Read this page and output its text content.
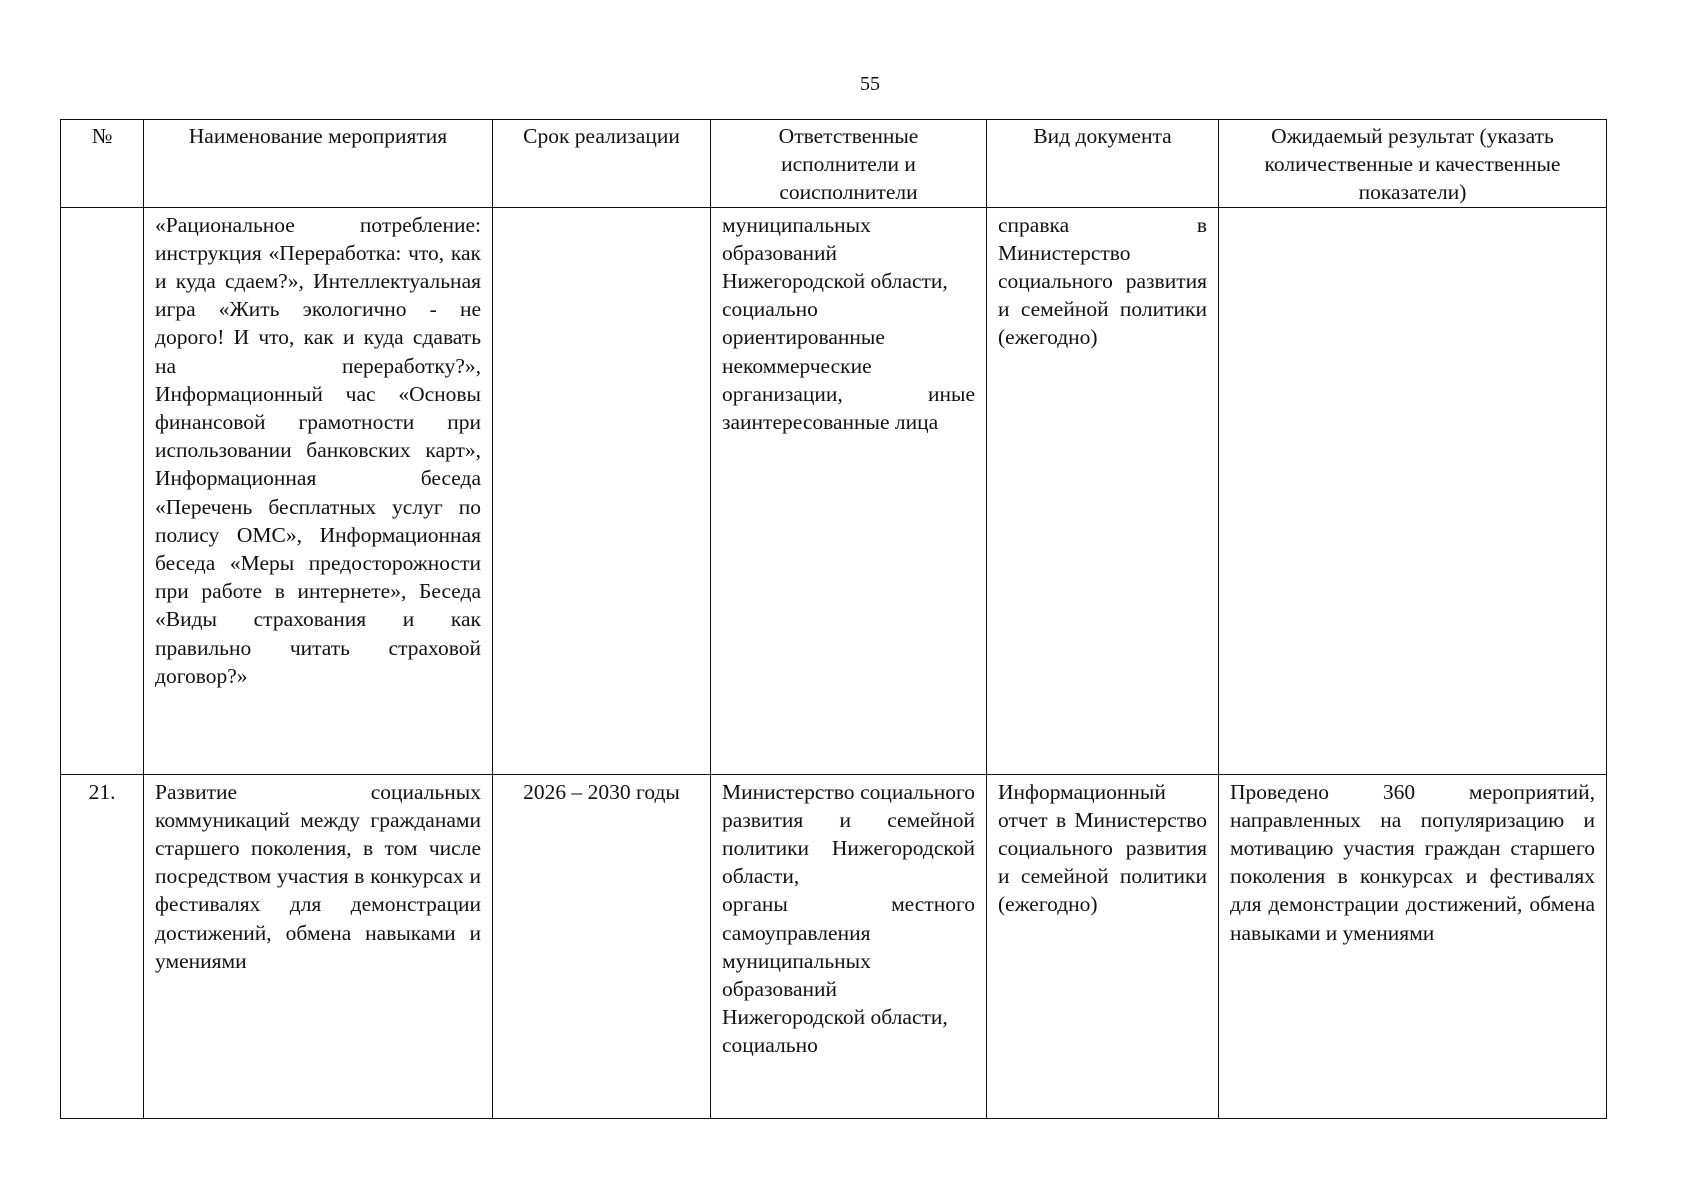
55
№	Наименование мероприятия	Срок реализации	Ответственные исполнители и соисполнители	Вид документа	Ожидаемый результат (указать количественные и качественные показатели)
	«Рациональное потребление: инструкция «Переработка: что, как и куда сдаем?», Интеллектуальная игра «Жить экологично - не дорого! И что, как и куда сдавать на переработку?», Информационный час «Основы финансовой грамотности при использовании банковских карт», Информационная беседа «Перечень бесплатных услуг по полису ОМС», Информационная беседа «Меры предосторожности при работе в интернете», Беседа «Виды страхования и как правильно читать страховой договор?»		муниципальных образований Нижегородской области,
социально ориентированные некоммерческие организации, иные заинтересованные лица	справка в Министерство социального развития и семейной политики (ежегодно)	
21.	Развитие социальных коммуникаций между гражданами старшего поколения, в том числе посредством участия в конкурсах и фестивалях для демонстрации достижений, обмена навыками и умениями	2026 – 2030 годы	Министерство социального развития и семейной политики Нижегородской области,
органы местного самоуправления муниципальных образований Нижегородской области,
социально	Информационный отчет в Министерство социального развития и семейной политики (ежегодно)	Проведено 360 мероприятий, направленных на популяризацию и мотивацию участия граждан старшего поколения в конкурсах и фестивалях для демонстрации достижений, обмена навыками и умениями
